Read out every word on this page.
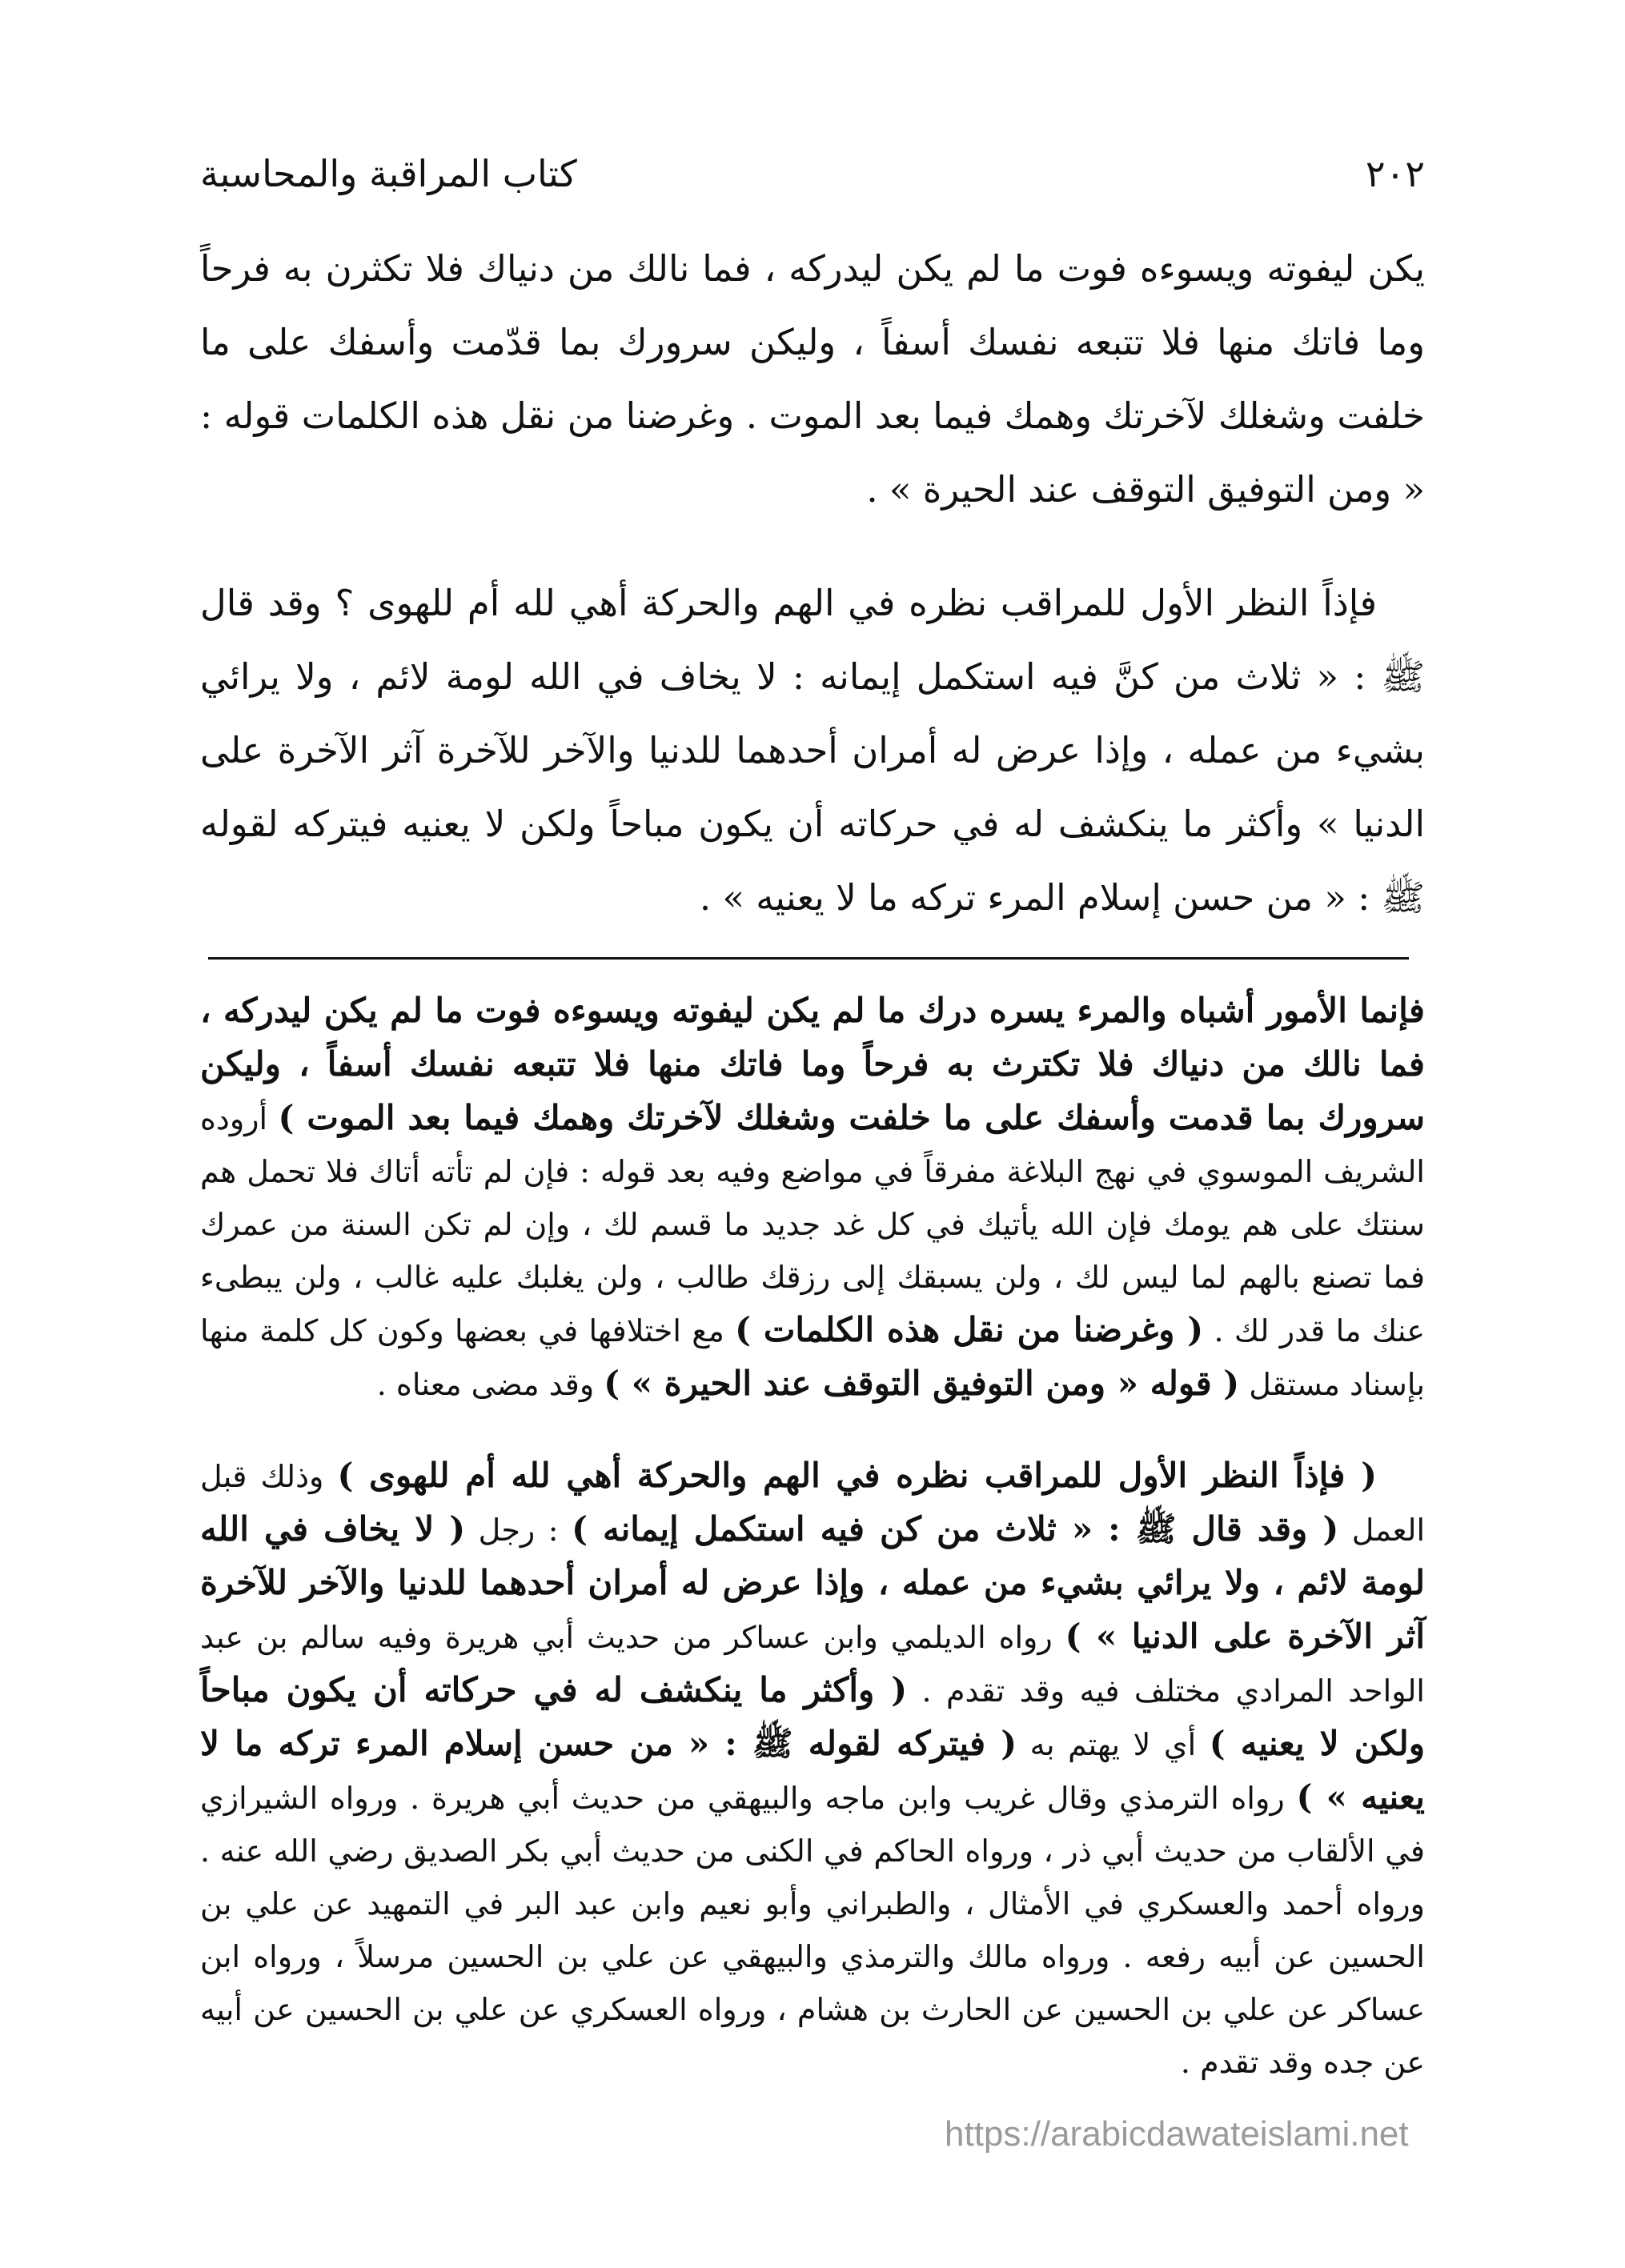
٢٠٢
كتاب المراقبة والمحاسبة

يكن ليفوته ويسوءه فوت ما لم يكن ليدركه ، فما نالك من دنياك فلا تكثرن به فرحاً وما فاتك منها فلا تتبعه نفسك أسفاً ، وليكن سرورك بما قدّمت وأسفك على ما خلفت وشغلك لآخرتك وهمك فيما بعد الموت . وغرضنا من نقل هذه الكلمات قوله : « ومن التوفيق التوقف عند الحيرة » .

فإذاً النظر الأول للمراقب نظره في الهم والحركة أهي لله أم للهوى ؟ وقد قال ﷺ : « ثلاث من كنَّ فيه استكمل إيمانه : لا يخاف في الله لومة لائم ، ولا يرائي بشيء من عمله ، وإذا عرض له أمران أحدهما للدنيا والآخر للآخرة آثر الآخرة على الدنيا » وأكثر ما ينكشف له في حركاته أن يكون مباحاً ولكن لا يعنيه فيتركه لقوله ﷺ : « من حسن إسلام المرء تركه ما لا يعنيه » .

فإنما الأمور أشباه والمرء يسره درك ما لم يكن ليفوته ويسوءه فوت ما لم يكن ليدركه ، فما نالك من دنياك فلا تكترث به فرحاً وما فاتك منها فلا تتبعه نفسك أسفاً ، وليكن سرورك بما قدمت وأسفك على ما خلفت وشغلك لآخرتك وهمك فيما بعد الموت ) أروده الشريف الموسوي في نهج البلاغة مفرقاً في مواضع وفيه بعد قوله : فإن لم تأته أتاك فلا تحمل هم سنتك على هم يومك فإن الله يأتيك في كل غد جديد ما قسم لك ، وإن لم تكن السنة من عمرك فما تصنع بالهم لما ليس لك ، ولن يسبقك إلى رزقك طالب ، ولن يغلبك عليه غالب ، ولن يبطىء عنك ما قدر لك . ( وغرضنا من نقل هذه الكلمات ) مع اختلافها في بعضها وكون كل كلمة منها بإسناد مستقل ( قوله « ومن التوفيق التوقف عند الحيرة » ) وقد مضى معناه .

( فإذاً النظر الأول للمراقب نظره في الهم والحركة أهي لله أم للهوى ) وذلك قبل العمل ( وقد قال ﷺ : « ثلاث من كن فيه استكمل إيمانه ) : رجل ( لا يخاف في الله لومة لائم ، ولا يرائي بشيء من عمله ، وإذا عرض له أمران أحدهما للدنيا والآخر للآخرة آثر الآخرة على الدنيا » ) رواه الديلمي وابن عساكر من حديث أبي هريرة وفيه سالم بن عبد الواحد المرادي مختلف فيه وقد تقدم . ( وأكثر ما ينكشف له في حركاته أن يكون مباحاً ولكن لا يعنيه ) أي لا يهتم به ( فيتركه لقوله ﷺ : « من حسن إسلام المرء تركه ما لا يعنيه » ) رواه الترمذي وقال غريب وابن ماجه والبيهقي من حديث أبي هريرة . ورواه الشيرازي في الألقاب من حديث أبي ذر ، ورواه الحاكم في الكنى من حديث أبي بكر الصديق رضي الله عنه . ورواه أحمد والعسكري في الأمثال ، والطبراني وأبو نعيم وابن عبد البر في التمهيد عن علي بن الحسين عن أبيه رفعه . ورواه مالك والترمذي والبيهقي عن علي بن الحسين مرسلاً ، ورواه ابن عساكر عن علي بن الحسين عن الحارث بن هشام ، ورواه العسكري عن علي بن الحسين عن أبيه عن جده وقد تقدم .

https://arabicdawateislami.net
